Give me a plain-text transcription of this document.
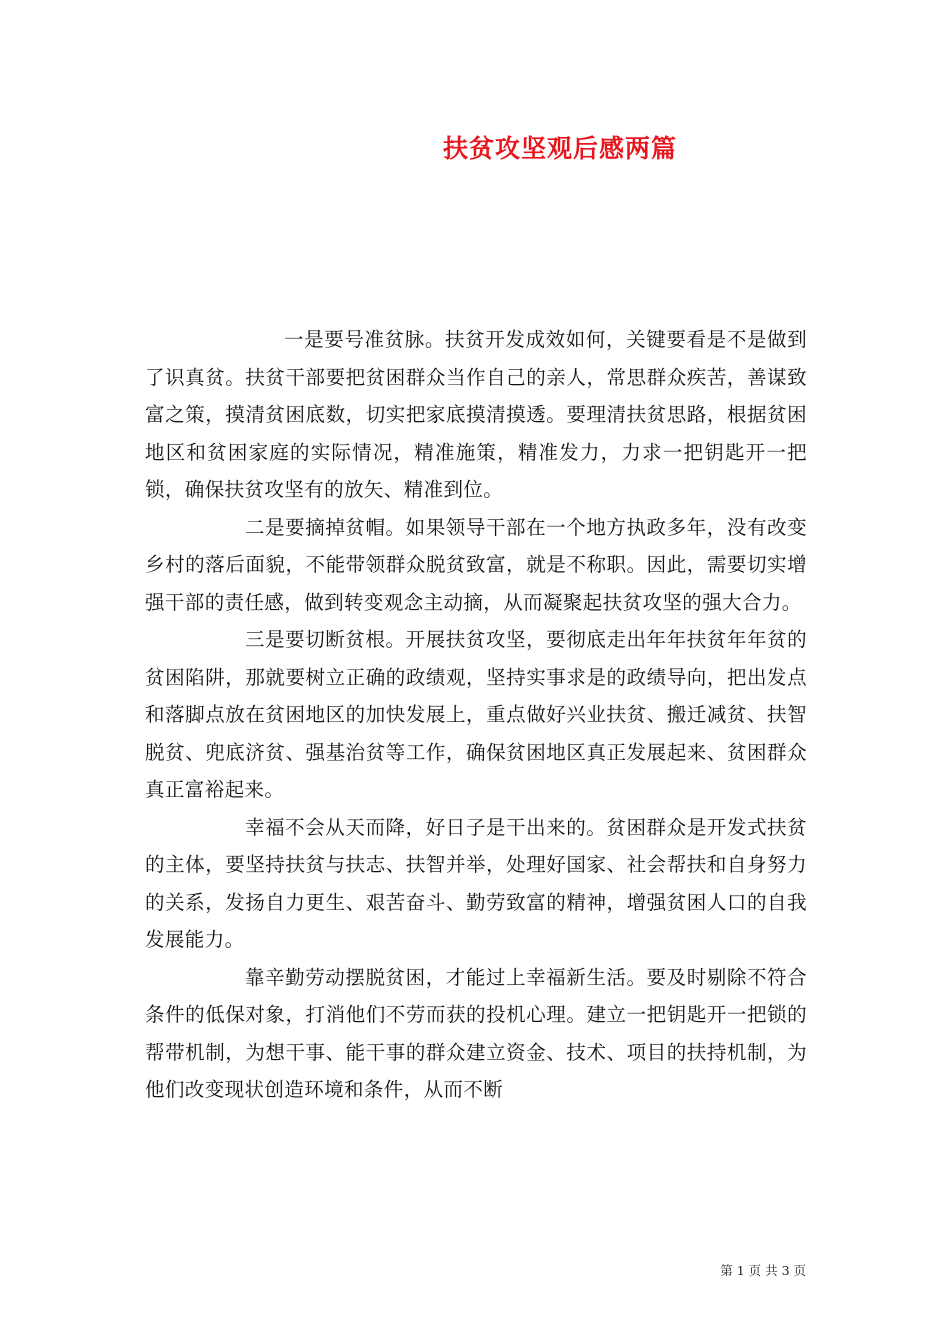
扶贫攻坚观后感两篇

一是要号准贫脉。扶贫开发成效如何，关键要看是不是做到了识真贫。扶贫干部要把贫困群众当作自己的亲人，常思群众疾苦，善谋致富之策，摸清贫困底数，切实把家底摸清摸透。要理清扶贫思路，根据贫困地区和贫困家庭的实际情况，精准施策，精准发力，力求一把钥匙开一把锁，确保扶贫攻坚有的放矢、精准到位。

二是要摘掉贫帽。如果领导干部在一个地方执政多年，没有改变乡村的落后面貌，不能带领群众脱贫致富，就是不称职。因此，需要切实增强干部的责任感，做到转变观念主动摘，从而凝聚起扶贫攻坚的强大合力。

三是要切断贫根。开展扶贫攻坚，要彻底走出年年扶贫年年贫的贫困陷阱，那就要树立正确的政绩观，坚持实事求是的政绩导向，把出发点和落脚点放在贫困地区的加快发展上，重点做好兴业扶贫、搬迁减贫、扶智脱贫、兜底济贫、强基治贫等工作，确保贫困地区真正发展起来、贫困群众真正富裕起来。

幸福不会从天而降，好日子是干出来的。贫困群众是开发式扶贫的主体，要坚持扶贫与扶志、扶智并举，处理好国家、社会帮扶和自身努力的关系，发扬自力更生、艰苦奋斗、勤劳致富的精神，增强贫困人口的自我发展能力。

靠辛勤劳动摆脱贫困，才能过上幸福新生活。要及时剔除不符合条件的低保对象，打消他们不劳而获的投机心理。建立一把钥匙开一把锁的帮带机制，为想干事、能干事的群众建立资金、技术、项目的扶持机制，为他们改变现状创造环境和条件，从而不断

第 1 页 共 3 页
